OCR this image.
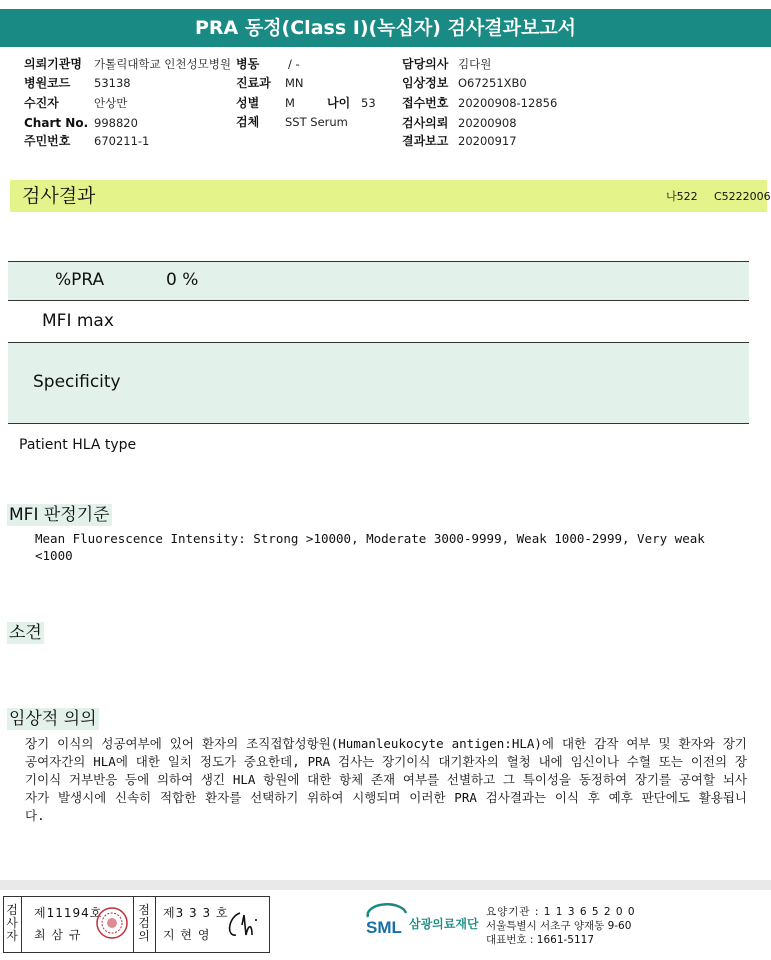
PRA 동정(Class I)(녹십자) 검사결과보고서
의뢰기관명 가톨릭대학교 인천성모병원 병동	/ -	담당의사 김다원
병원코드 53138	진료과 MN	임상정보 O67251XB0
수진자	안상만	성별 M	나이 53 접수번호 20200908-12856
Chart No. 998820	검체 SST Serum	검사의뢰 20200908
주민번호 670211-1	결과보고 20200917
검사결과	나522 C5222006
%PRA	0 %
MFI max
Specificity
Patient HLA type
MFI 판정기준
Mean Fluorescence Intensity: Strong >10000, Moderate 3000-9999, Weak 1000-2999, Very weak
<1000
소견
임상적 의의
장기 이식의 성공여부에 있어 환자의 조직접합성항원(Humanleukocyte antigen:HLA)에 대한 감작 여부 및 환자와 장기공여자간의 HLA에 대한 일치 정도가 중요한데, PRA 검사는 장기이식 대기환자의 혈청 내에 임신이나 수혈 또는 이전의 장기이식 거부반응 등에 의하여 생긴 HLA 항원에 대한 항체 존재 여부를 선별하고 그 특이성을 동정하여 장기를 공여할 뇌사자가 발생시에 신속히 적합한 환자를 선택하기 위하여 시행되며 이러한 PRA 검사결과는 이식 후 예후 판단에도 활용됩니다.
검사자
제11194호
최 삼 규
점검의
제3 3 3 호
지 현 영	SML 삼광의료재단
요양기관 : 1 1 3 6 5 2 0 0
서울특별시 서초구 양재동 9-60
대표번호 : 1661-5117
